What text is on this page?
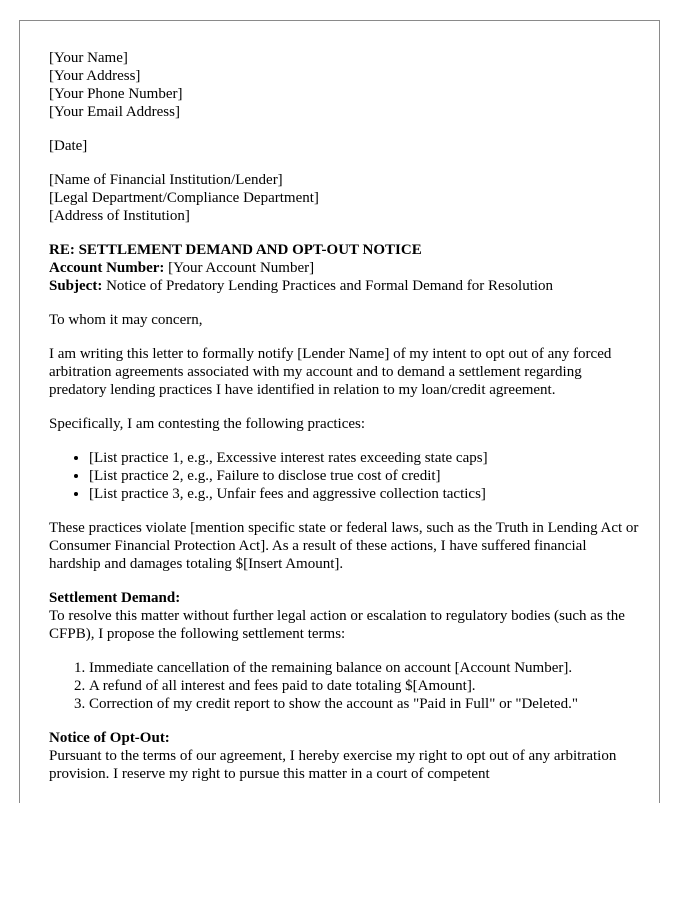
[Your Name]
[Your Address]
[Your Phone Number]
[Your Email Address]
[Date]
[Name of Financial Institution/Lender]
[Legal Department/Compliance Department]
[Address of Institution]
RE: SETTLEMENT DEMAND AND OPT-OUT NOTICE
Account Number: [Your Account Number]
Subject: Notice of Predatory Lending Practices and Formal Demand for Resolution

To whom it may concern,

I am writing this letter to formally notify [Lender Name] of my intent to opt out of any forced arbitration agreements associated with my account and to demand a settlement regarding predatory lending practices I have identified in relation to my loan/credit agreement.

Specifically, I am contesting the following practices:

• [List practice 1, e.g., Excessive interest rates exceeding state caps]
• [List practice 2, e.g., Failure to disclose true cost of credit]
• [List practice 3, e.g., Unfair fees and aggressive collection tactics]

These practices violate [mention specific state or federal laws, such as the Truth in Lending Act or Consumer Financial Protection Act]. As a result of these actions, I have suffered financial hardship and damages totaling $[Insert Amount].

Settlement Demand:

To resolve this matter without further legal action or escalation to regulatory bodies (such as the CFPB), I propose the following settlement terms:

1. Immediate cancellation of the remaining balance on account [Account Number].
2. A refund of all interest and fees paid to date totaling $[Amount].
3. Correction of my credit report to show the account as "Paid in Full" or "Deleted."
Notice of Opt-Out:

Pursuant to the terms of our agreement, I hereby exercise my right to opt out of any arbitration provision. I reserve my right to pursue this matter in a court of competent
